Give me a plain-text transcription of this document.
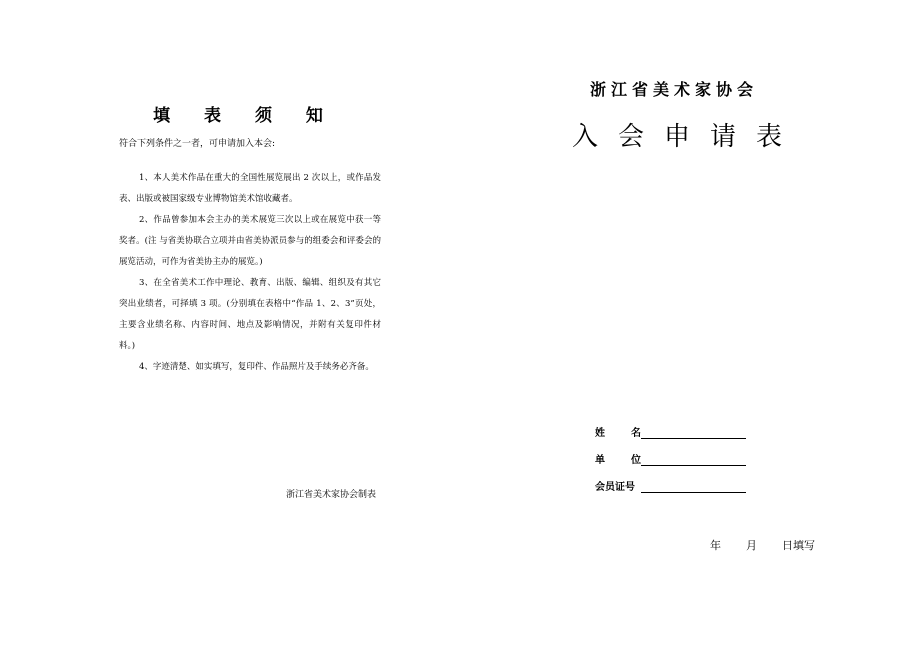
填 表 须 知
符合下列条件之一者，可申请加入本会:

1、本人美术作品在重大的全国性展览展出 2 次以上，或作品发表、出版或被国家级专业博物馆美术馆收藏者。

2、作品曾参加本会主办的美术展览三次以上或在展览中获一等奖者。(注 与省美协联合立项并由省美协派员参与的组委会和评委会的展览活动，可作为省美协主办的展览。)

3、在全省美术工作中理论、教育、出版、编辑、组织及有其它突出业绩者，可择填 3 项。(分别填在表格中“作品 1、2、3”页处，主要含业绩名称、内容时间、地点及影响情况，并附有关复印件材料。)

4、字迹清楚、如实填写，复印件、作品照片及手续务必齐备。

浙江省美术家协会制表
浙江省美术家协会
入会申请表
姓	名
单	位
会员证号
年	月	日填写
